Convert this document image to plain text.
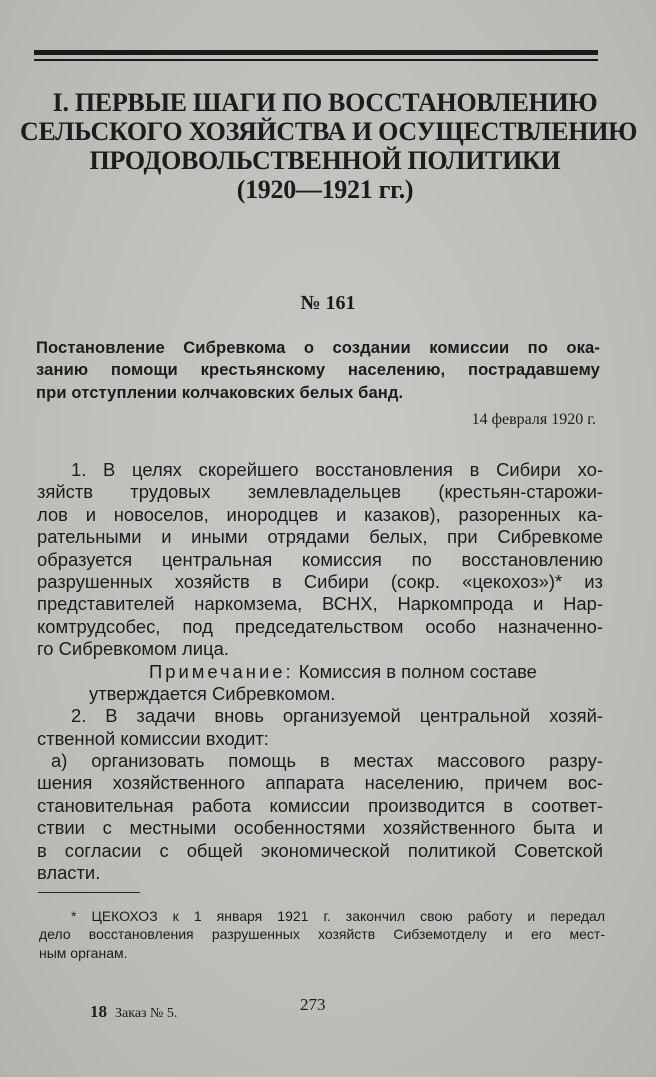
I. ПЕРВЫЕ ШАГИ ПО ВОССТАНОВЛЕНИЮ
СЕЛЬСКОГО ХОЗЯЙСТВА И ОСУЩЕСТВЛЕНИЮ
ПРОДОВОЛЬСТВЕННОЙ ПОЛИТИКИ
(1920—1921 гг.)
№ 161
Постановление Сибревкома о создании комиссии по ока-
занию помощи крестьянскому населению, пострадавшему
при отступлении колчаковских белых банд.
14 февраля 1920 г.
1. В целях скорейшего восстановления в Сибири хо-
зяйств трудовых землевладельцев (крестьян-старожи-
лов и новоселов, инородцев и казаков), разоренных ка-
рательными и иными отрядами белых, при Сибревкоме
образуется центральная комиссия по восстановлению
разрушенных хозяйств в Сибири (сокр. «цекохоз»)* из
представителей наркомзема, ВСНХ, Наркомпрода и Нар-
комтрудсобес, под председательством особо назначенно-
го Сибревкомом лица.
Примечание: Комиссия в полном составе
утверждается Сибревкомом.
2. В задачи вновь организуемой центральной хозяй-
ственной комиссии входит:
а) организовать помощь в местах массового разру-
шения хозяйственного аппарата населению, причем вос-
становительная работа комиссии производится в соответ-
ствии с местными особенностями хозяйственного быта и
в согласии с общей экономической политикой Советской
власти.
* ЦЕКОХОЗ к 1 января 1921 г. закончил свою работу и передал
дело восстановления разрушенных хозяйств Сибземотделу и его мест-
ным органам.
18 Заказ № 5.	273
